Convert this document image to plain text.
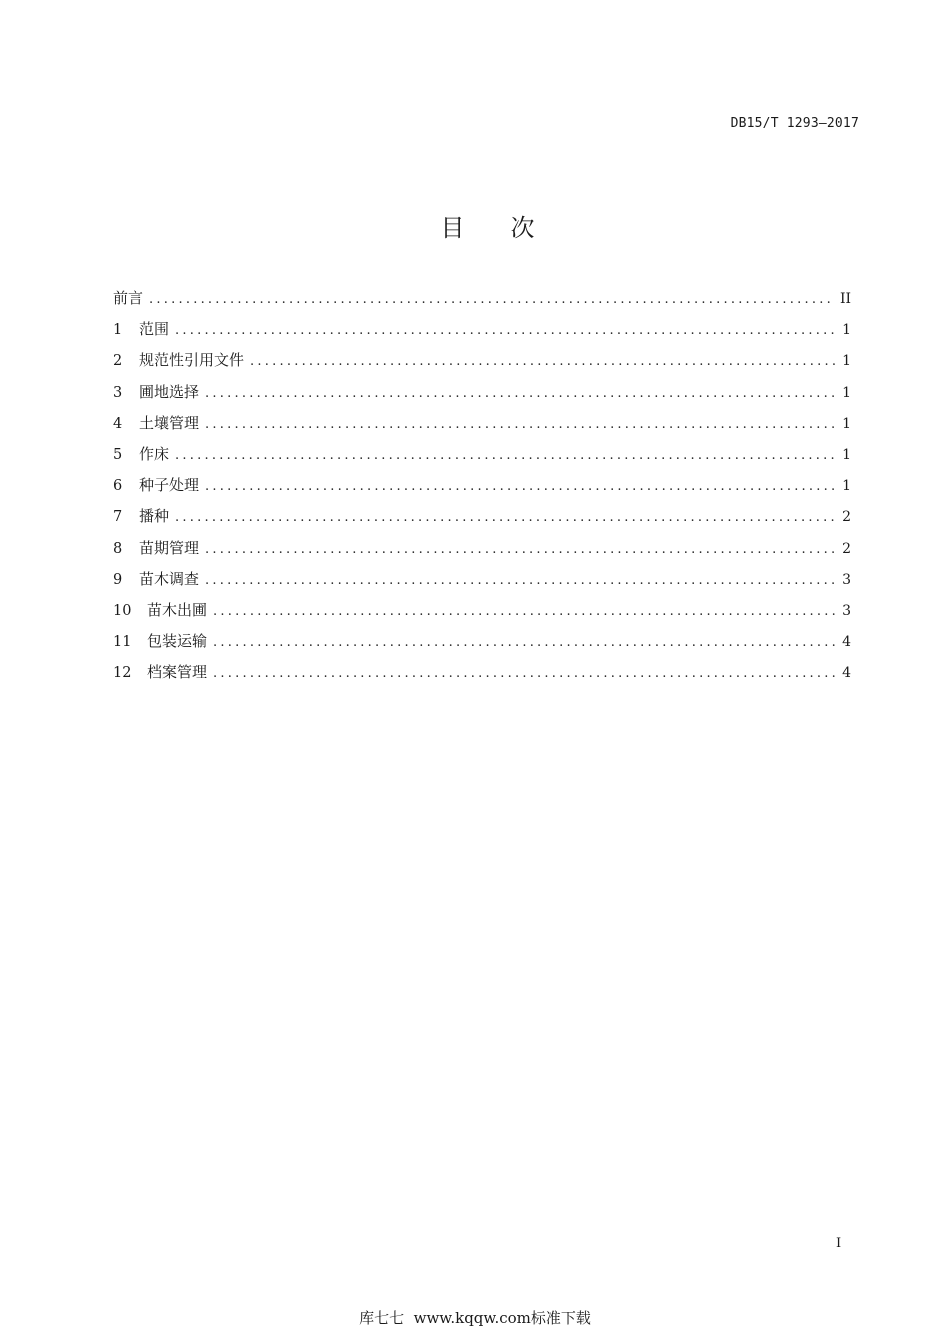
DB15/T 1293—2017
目 次
前言 . . .	II
1	范围 . . .	1
2	规范性引用文件 . . .	1
3	圃地选择 . . .	1
4	土壤管理 . . .	1
5	作床 . . .	1
6	种子处理 . . .	1
7	播种 . . .	2
8	苗期管理 . . .	2
9	苗木调查 . . .	3
10	苗木出圃 . . .	3
11	包装运输 . . .	4
12	档案管理 . . .	4
I
库七七  www.kqqw.com标准下载
